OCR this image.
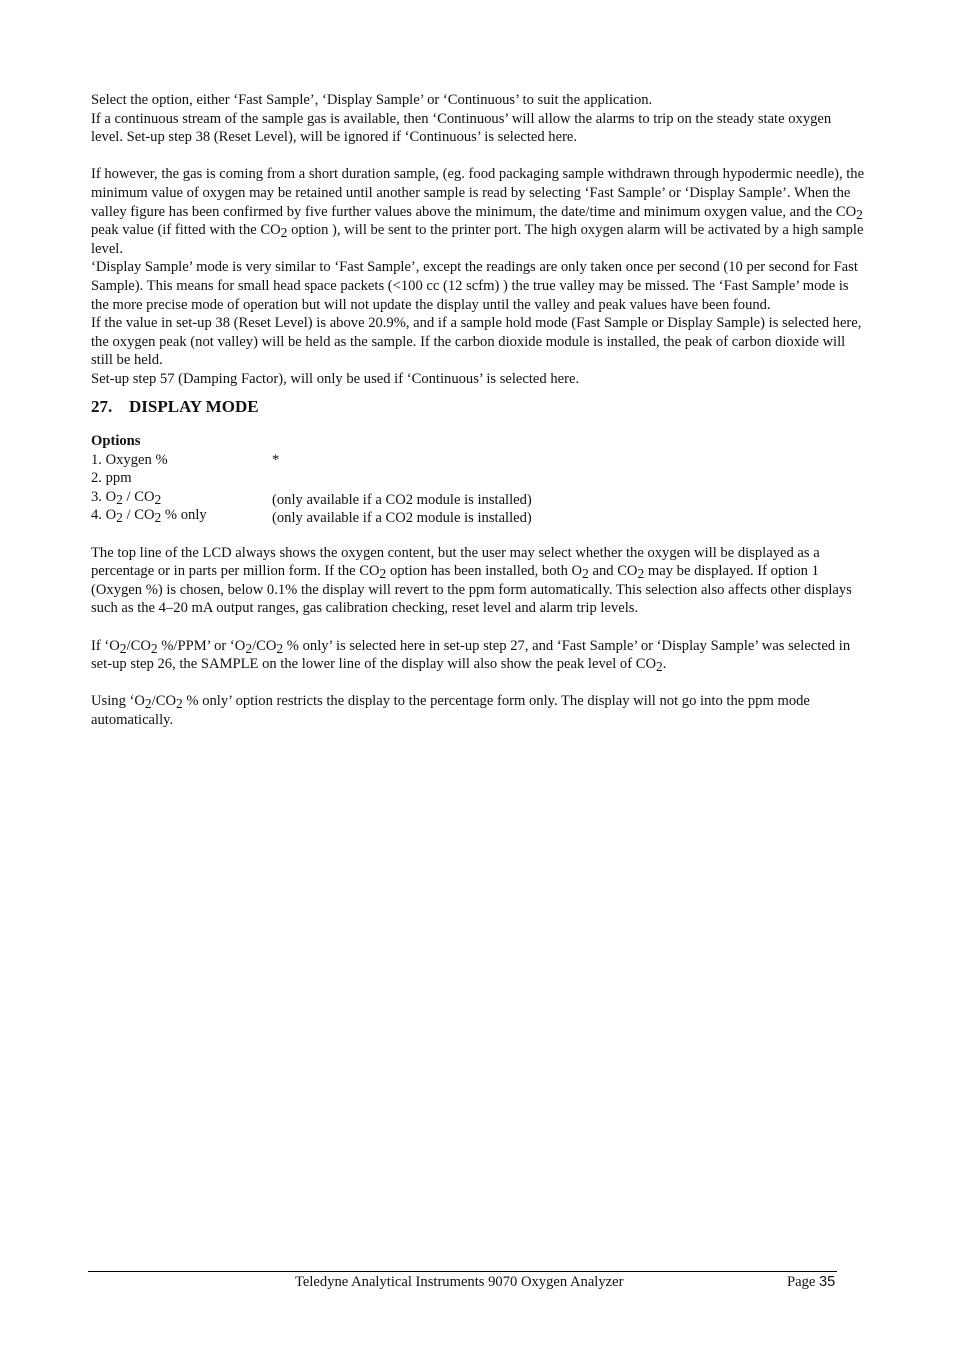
Select the option, either ‘Fast Sample’, ‘Display Sample’ or ‘Continuous’ to suit the application.

If a continuous stream of the sample gas is available, then ‘Continuous’ will allow the alarms to trip on the steady state oxygen level. Set-up step 38 (Reset Level), will be ignored if ‘Continuous’ is selected here.

If however, the gas is coming from a short duration sample, (eg. food packaging sample withdrawn through hypodermic needle), the minimum value of oxygen may be retained until another sample is read by selecting ‘Fast Sample’ or ‘Display Sample’. When the valley figure has been confirmed by five further values above the minimum, the date/time and minimum oxygen value, and the $CO_2$ peak value (if fitted with the $CO_2$ option ), will be sent to the printer port. The high oxygen alarm will be activated by a high sample level.

‘Display Sample’ mode is very similar to ‘Fast Sample’, except the readings are only taken once per second (10 per second for Fast Sample). This means for small head space packets (<100 cc (12 scfm) ) the true valley may be missed. The ‘Fast Sample’ mode is the more precise mode of operation but will not update the display until the valley and peak values have been found.

If the value in set-up 38 (Reset Level) is above 20.9%, and if a sample hold mode (Fast Sample or Display Sample) is selected here, the oxygen peak (not valley) will be held as the sample. If the carbon dioxide module is installed, the peak of carbon dioxide will still be held.

Set-up step 57 (Damping Factor), will only be used if ‘Continuous’ is selected here.

27. DISPLAY MODE

Options

1. Oxygen %	*
2. ppm
3. $O_2 / CO_2$	(only available if a CO2 module is installed)
4. $O_2 / CO_2$ % only	(only available if a CO2 module is installed)

The top line of the LCD always shows the oxygen content, but the user may select whether the oxygen will be displayed as a percentage or in parts per million form. If the $CO_2$ option has been installed, both $O_2$ and $CO_2$ may be displayed. If option 1 (Oxygen %) is chosen, below 0.1% the display will revert to the ppm form automatically. This selection also affects other displays such as the 4–20 mA output ranges, gas calibration checking, reset level and alarm trip levels.

If ‘$O_2/CO_2$ %/PPM’ or ‘$O_2/CO_2$ % only’ is selected here in set-up step 27, and ‘Fast Sample’ or ‘Display Sample’ was selected in set-up step 26, the SAMPLE on the lower line of the display will also show the peak level of $CO_2$.

Using ‘$O_2/CO_2$ % only’ option restricts the display to the percentage form only. The display will not go into the ppm mode automatically.

Teledyne Analytical Instruments 9070 Oxygen Analyzer	Page 35
